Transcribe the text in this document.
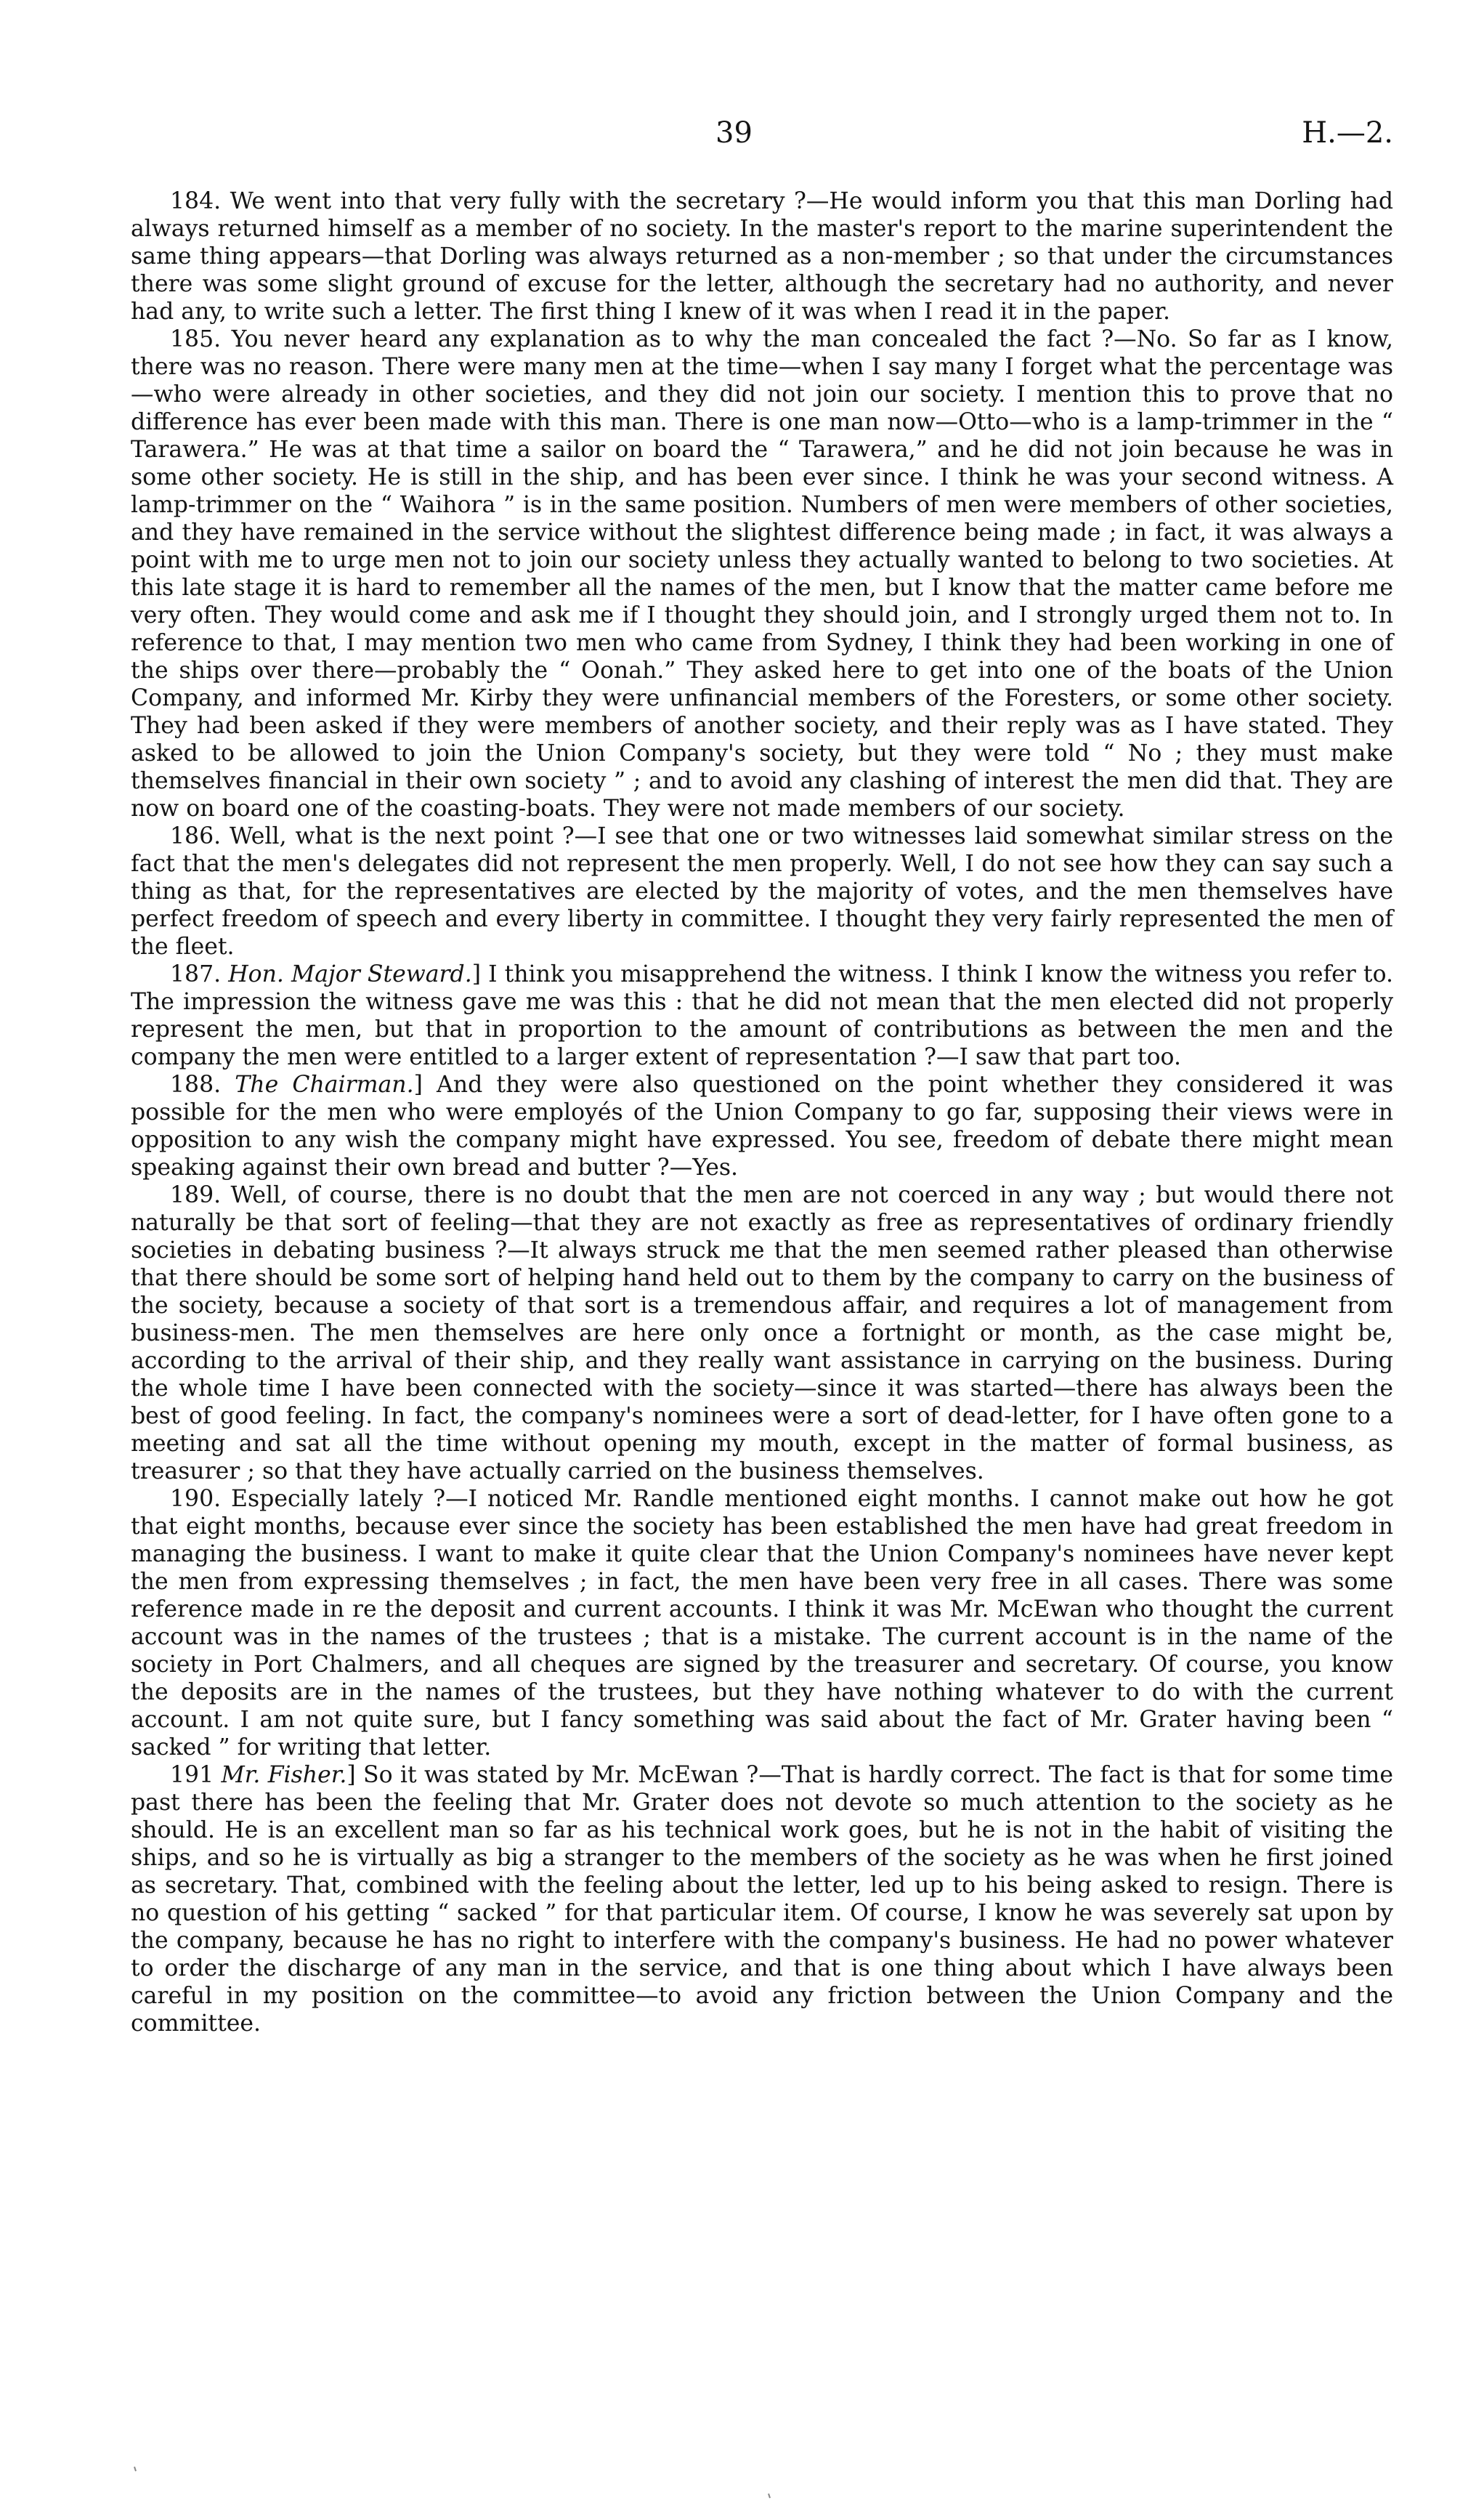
39	H.—2.

184. We went into that very fully with the secretary ?—He would inform you that this man Dorling had always returned himself as a member of no society. In the master's report to the marine superintendent the same thing appears—that Dorling was always returned as a non-member ; so that under the circumstances there was some slight ground of excuse for the letter, although the secretary had no authority, and never had any, to write such a letter. The first thing I knew of it was when I read it in the paper.

185. You never heard any explanation as to why the man concealed the fact ?—No. So far as I know, there was no reason. There were many men at the time—when I say many I forget what the percentage was—who were already in other societies, and they did not join our society. I mention this to prove that no difference has ever been made with this man. There is one man now—Otto—who is a lamp-trimmer in the “ Tarawera.” He was at that time a sailor on board the “ Tarawera,” and he did not join because he was in some other society. He is still in the ship, and has been ever since. I think he was your second witness. A lamp-trimmer on the “ Waihora ” is in the same position. Numbers of men were members of other societies, and they have remained in the service without the slightest difference being made ; in fact, it was always a point with me to urge men not to join our society unless they actually wanted to belong to two societies. At this late stage it is hard to remember all the names of the men, but I know that the matter came before me very often. They would come and ask me if I thought they should join, and I strongly urged them not to. In reference to that, I may mention two men who came from Sydney, I think they had been working in one of the ships over there—probably the “ Oonah.” They asked here to get into one of the boats of the Union Company, and informed Mr. Kirby they were unfinancial members of the Foresters, or some other society. They had been asked if they were members of another society, and their reply was as I have stated. They asked to be allowed to join the Union Company's society, but they were told “ No ; they must make themselves financial in their own society ” ; and to avoid any clashing of interest the men did that. They are now on board one of the coasting-boats. They were not made members of our society.

186. Well, what is the next point ?—I see that one or two witnesses laid somewhat similar stress on the fact that the men's delegates did not represent the men properly. Well, I do not see how they can say such a thing as that, for the representatives are elected by the majority of votes, and the men themselves have perfect freedom of speech and every liberty in committee. I thought they very fairly represented the men of the fleet.

187. Hon. Major Steward.] I think you misapprehend the witness. I think I know the witness you refer to. The impression the witness gave me was this : that he did not mean that the men elected did not properly represent the men, but that in proportion to the amount of contributions as between the men and the company the men were entitled to a larger extent of representation ?—I saw that part too.

188. The Chairman.] And they were also questioned on the point whether they considered it was possible for the men who were employés of the Union Company to go far, supposing their views were in opposition to any wish the company might have expressed. You see, freedom of debate there might mean speaking against their own bread and butter ?—Yes.

189. Well, of course, there is no doubt that the men are not coerced in any way ; but would there not naturally be that sort of feeling—that they are not exactly as free as representatives of ordinary friendly societies in debating business ?—It always struck me that the men seemed rather pleased than otherwise that there should be some sort of helping hand held out to them by the company to carry on the business of the society, because a society of that sort is a tremendous affair, and requires a lot of management from business-men. The men themselves are here only once a fortnight or month, as the case might be, according to the arrival of their ship, and they really want assistance in carrying on the business. During the whole time I have been connected with the society—since it was started—there has always been the best of good feeling. In fact, the company's nominees were a sort of dead-letter, for I have often gone to a meeting and sat all the time without opening my mouth, except in the matter of formal business, as treasurer ; so that they have actually carried on the business themselves.

190. Especially lately ?—I noticed Mr. Randle mentioned eight months. I cannot make out how he got that eight months, because ever since the society has been established the men have had great freedom in managing the business. I want to make it quite clear that the Union Company's nominees have never kept the men from expressing themselves ; in fact, the men have been very free in all cases. There was some reference made in re the deposit and current accounts. I think it was Mr. McEwan who thought the current account was in the names of the trustees ; that is a mistake. The current account is in the name of the society in Port Chalmers, and all cheques are signed by the treasurer and secretary. Of course, you know the deposits are in the names of the trustees, but they have nothing whatever to do with the current account. I am not quite sure, but I fancy something was said about the fact of Mr. Grater having been “ sacked ” for writing that letter.

191 Mr. Fisher.] So it was stated by Mr. McEwan ?—That is hardly correct. The fact is that for some time past there has been the feeling that Mr. Grater does not devote so much attention to the society as he should. He is an excellent man so far as his technical work goes, but he is not in the habit of visiting the ships, and so he is virtually as big a stranger to the members of the society as he was when he first joined as secretary. That, combined with the feeling about the letter, led up to his being asked to resign. There is no question of his getting “ sacked ” for that particular item. Of course, I know he was severely sat upon by the company, because he has no right to interfere with the company's business. He had no power whatever to order the discharge of any man in the service, and that is one thing about which I have always been careful in my position on the committee—to avoid any friction between the Union Company and the committee.
